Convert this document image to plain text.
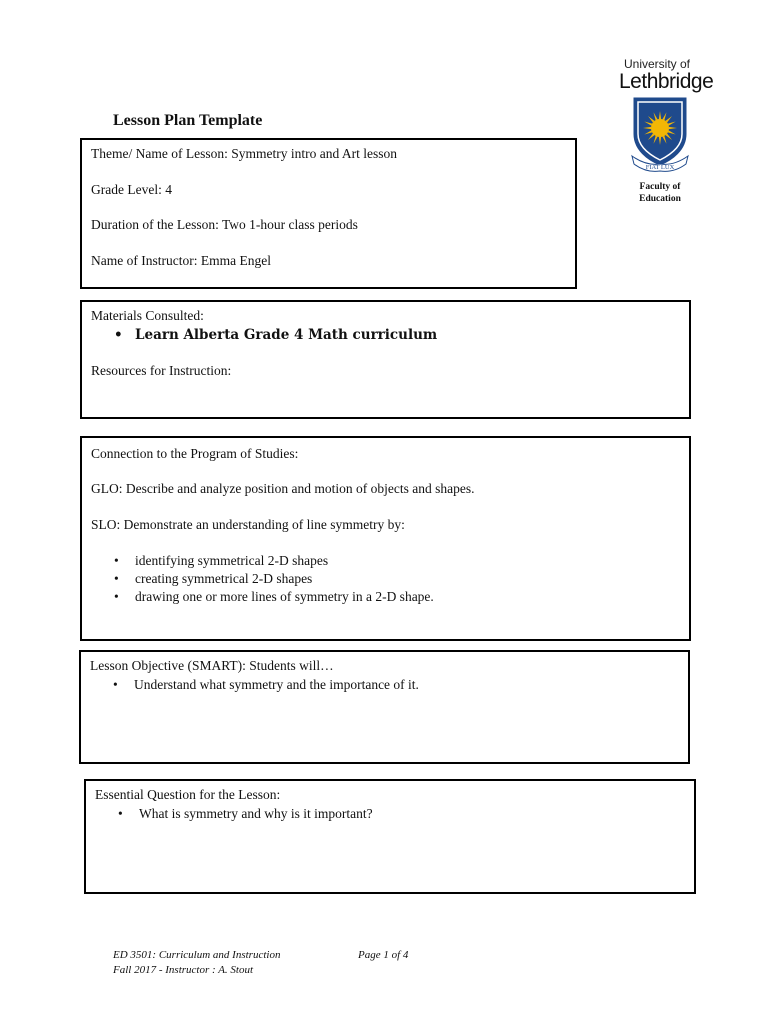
University of
Lethbridge
FIAT LUX
Faculty of
Education
Lesson Plan Template
Theme/ Name of Lesson: Symmetry intro and Art lesson
Grade Level: 4
Duration of the Lesson: Two 1-hour class periods
Name of Instructor: Emma Engel
Materials Consulted:
• Learn Alberta Grade 4 Math curriculum
Resources for Instruction:
Connection to the Program of Studies:
GLO: Describe and analyze position and motion of objects and shapes.
SLO: Demonstrate an understanding of line symmetry by:
• identifying symmetrical 2-D shapes
• creating symmetrical 2-D shapes
• drawing one or more lines of symmetry in a 2-D shape.
Lesson Objective (SMART): Students will…
• Understand what symmetry and the importance of it.
Essential Question for the Lesson:
• What is symmetry and why is it important?
ED 3501: Curriculum and Instruction
Fall 2017 - Instructor : A. Stout
Page 1 of 4
